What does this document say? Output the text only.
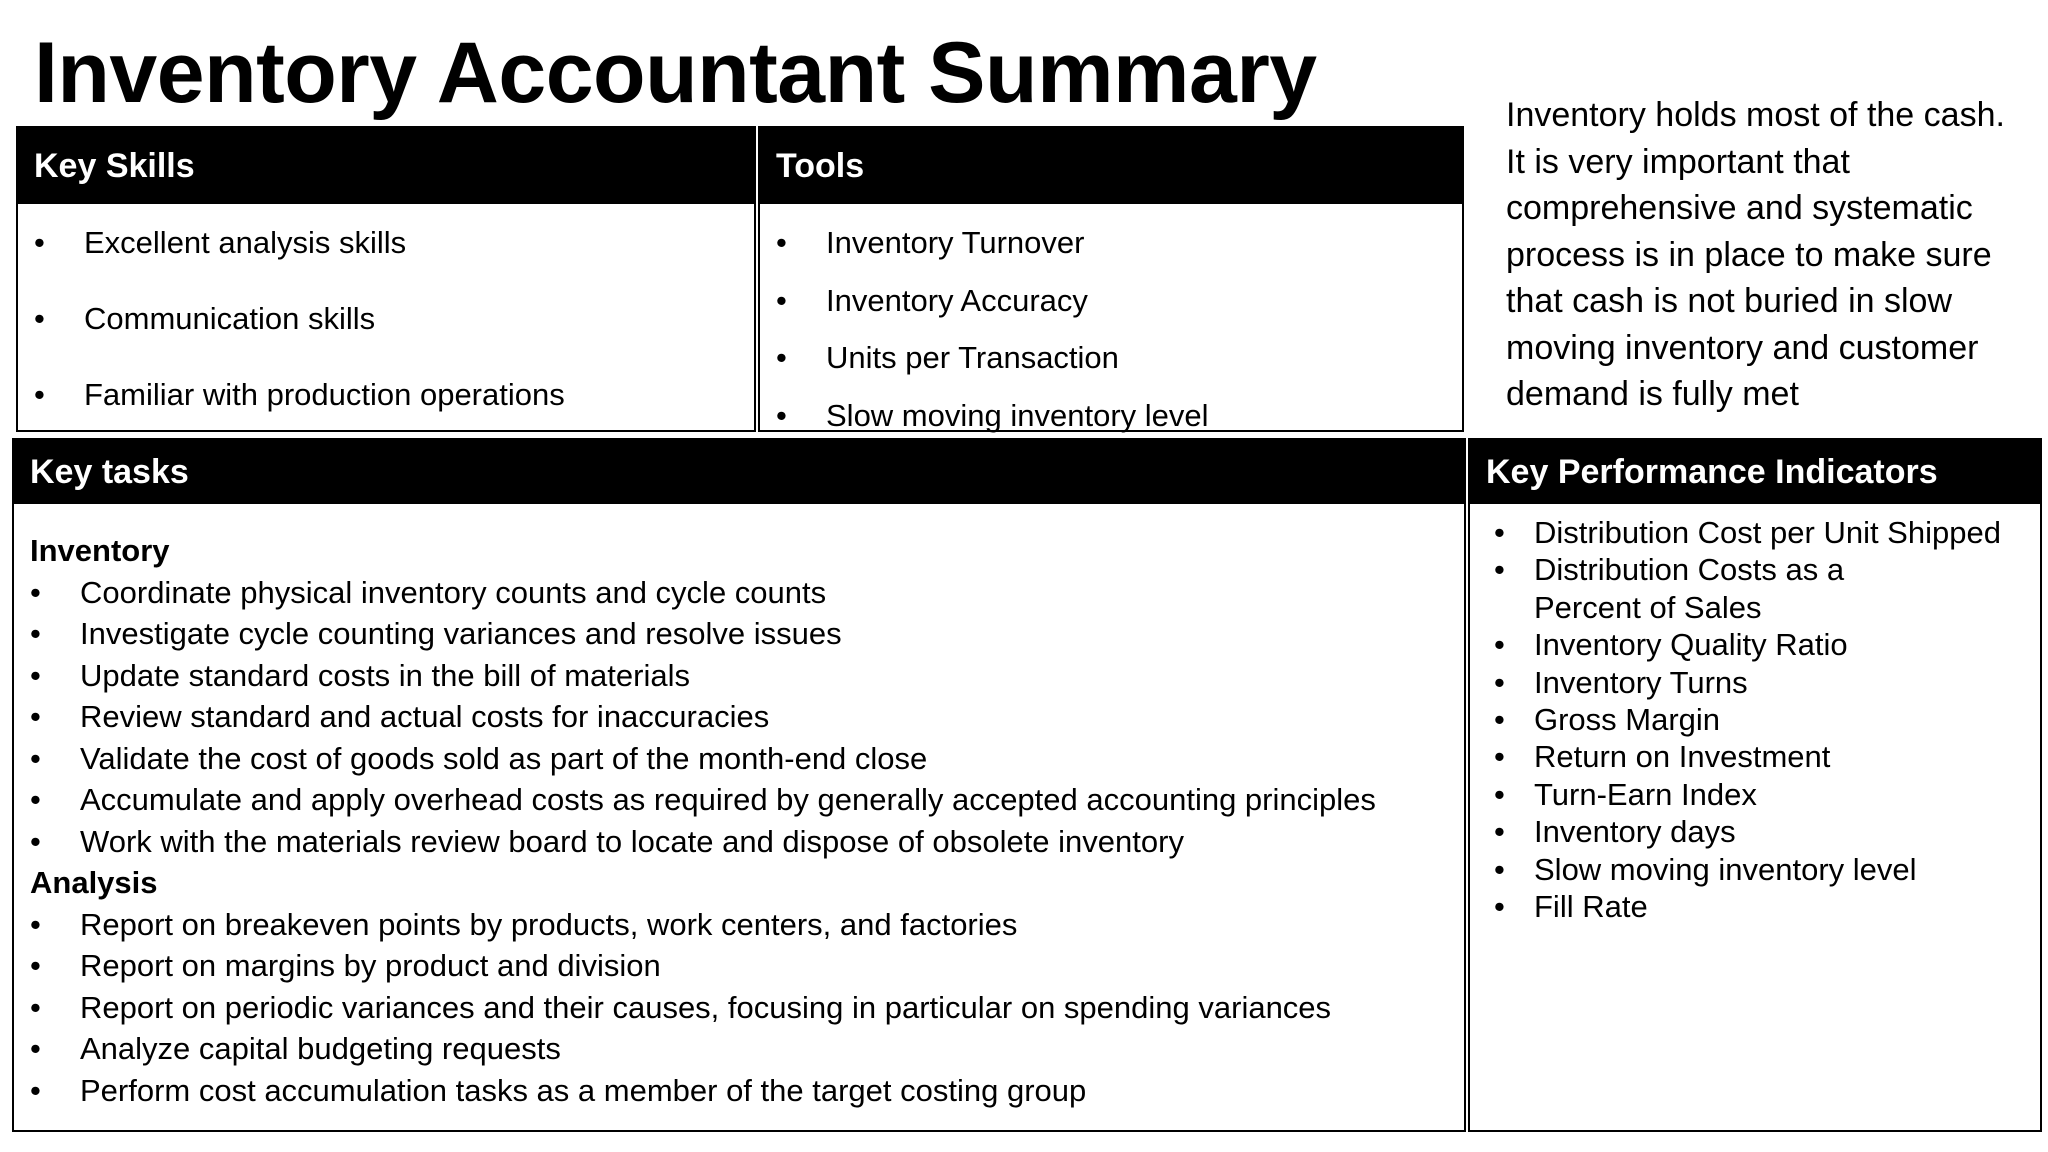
Inventory Accountant Summary
Key Skills
• Excellent analysis skills
• Communication skills
• Familiar with production operations
Tools
• Inventory Turnover
• Inventory Accuracy
• Units per Transaction
• Slow moving inventory level
Inventory holds most of the cash. It is very important that comprehensive and systematic process is in place to make sure that cash is not buried in slow moving inventory and customer demand is fully met
Key tasks
Inventory
• Coordinate physical inventory counts and cycle counts
• Investigate cycle counting variances and resolve issues
• Update standard costs in the bill of materials
• Review standard and actual costs for inaccuracies
• Validate the cost of goods sold as part of the month-end close
• Accumulate and apply overhead costs as required by generally accepted accounting principles
• Work with the materials review board to locate and dispose of obsolete inventory
Analysis
• Report on breakeven points by products, work centers, and factories
• Report on margins by product and division
• Report on periodic variances and their causes, focusing in particular on spending variances
• Analyze capital budgeting requests
• Perform cost accumulation tasks as a member of the target costing group
Key Performance Indicators
• Distribution Cost per Unit Shipped
• Distribution Costs as a Percent of Sales
• Inventory Quality Ratio
• Inventory Turns
• Gross Margin
• Return on Investment
• Turn-Earn Index
• Inventory days
• Slow moving inventory level
• Fill Rate
